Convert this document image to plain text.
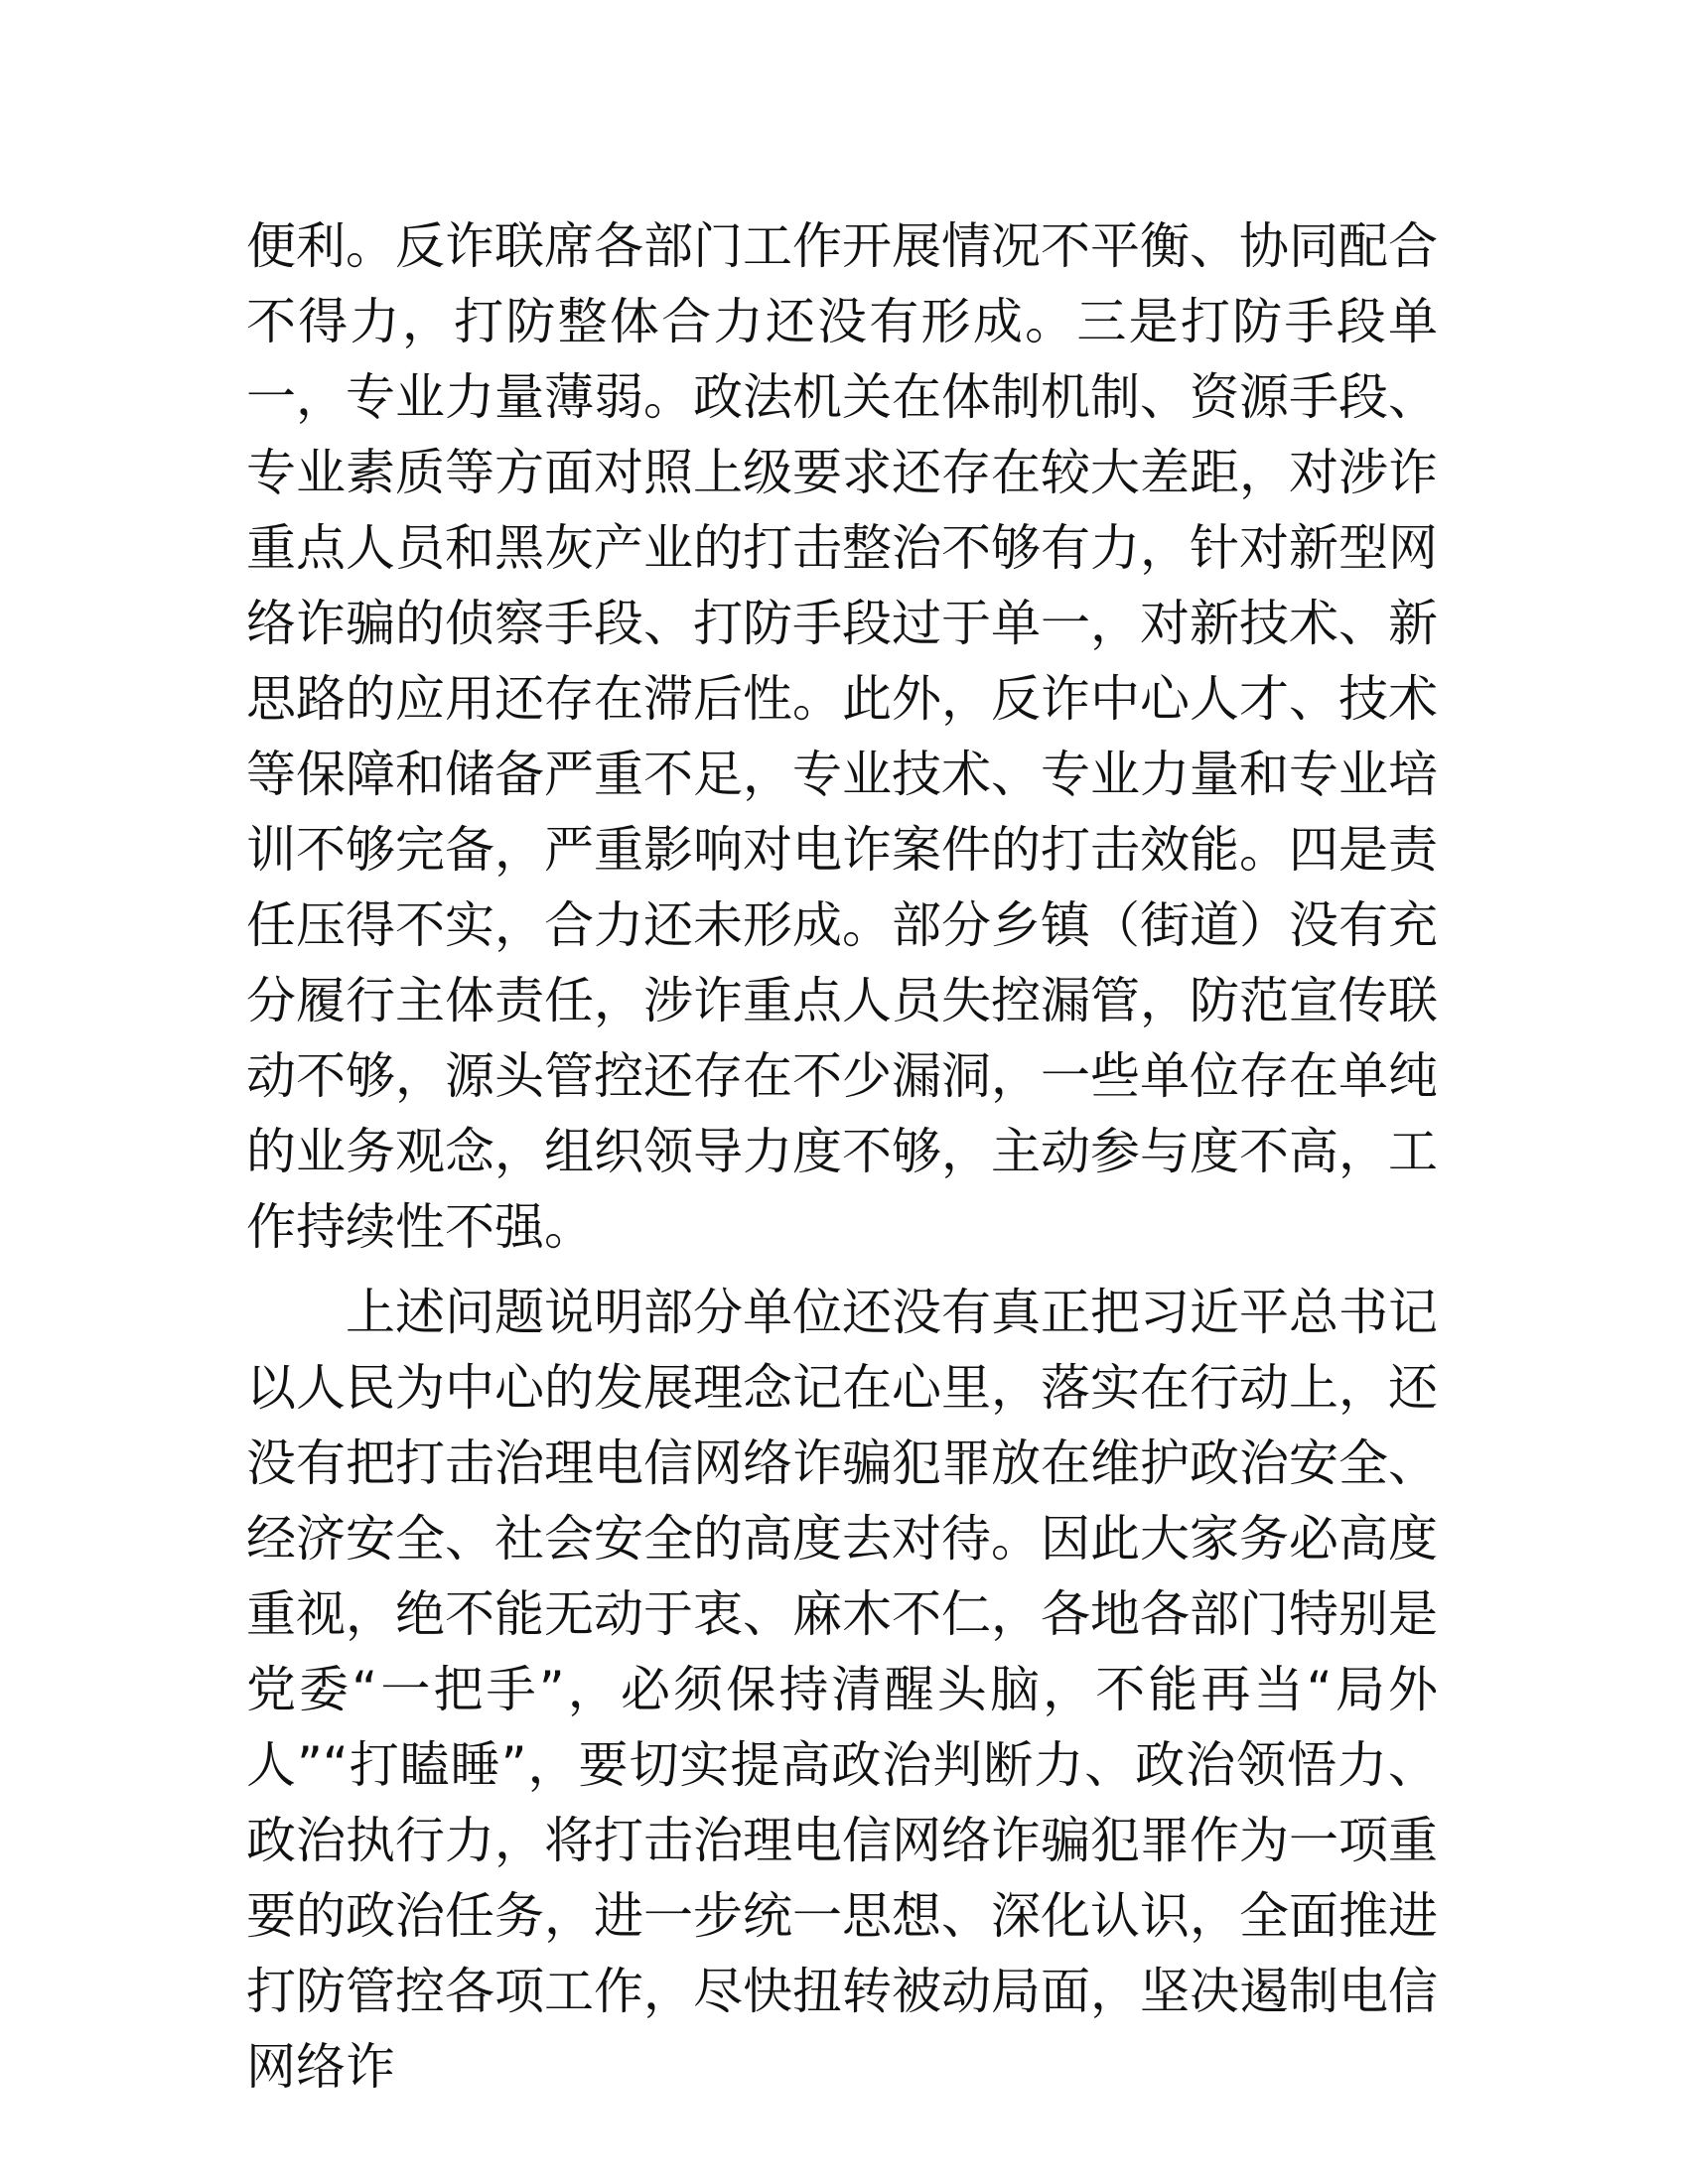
便利。反诈联席各部门工作开展情况不平衡、协同配合不得力，打防整体合力还没有形成。三是打防手段单一，专业力量薄弱。政法机关在体制机制、资源手段、专业素质等方面对照上级要求还存在较大差距，对涉诈重点人员和黑灰产业的打击整治不够有力，针对新型网络诈骗的侦察手段、打防手段过于单一，对新技术、新思路的应用还存在滞后性。此外，反诈中心人才、技术等保障和储备严重不足，专业技术、专业力量和专业培训不够完备，严重影响对电诈案件的打击效能。四是责任压得不实，合力还未形成。部分乡镇（街道）没有充分履行主体责任，涉诈重点人员失控漏管，防范宣传联动不够，源头管控还存在不少漏洞，一些单位存在单纯的业务观念，组织领导力度不够，主动参与度不高，工作持续性不强。

上述问题说明部分单位还没有真正把习近平总书记以人民为中心的发展理念记在心里，落实在行动上，还没有把打击治理电信网络诈骗犯罪放在维护政治安全、经济安全、社会安全的高度去对待。因此大家务必高度重视，绝不能无动于衷、麻木不仁，各地各部门特别是党委“一把手”，必须保持清醒头脑，不能再当“局外人”“打瞌睡”，要切实提高政治判断力、政治领悟力、政治执行力，将打击治理电信网络诈骗犯罪作为一项重要的政治任务，进一步统一思想、深化认识，全面推进打防管控各项工作，尽快扭转被动局面，坚决遏制电信网络诈
